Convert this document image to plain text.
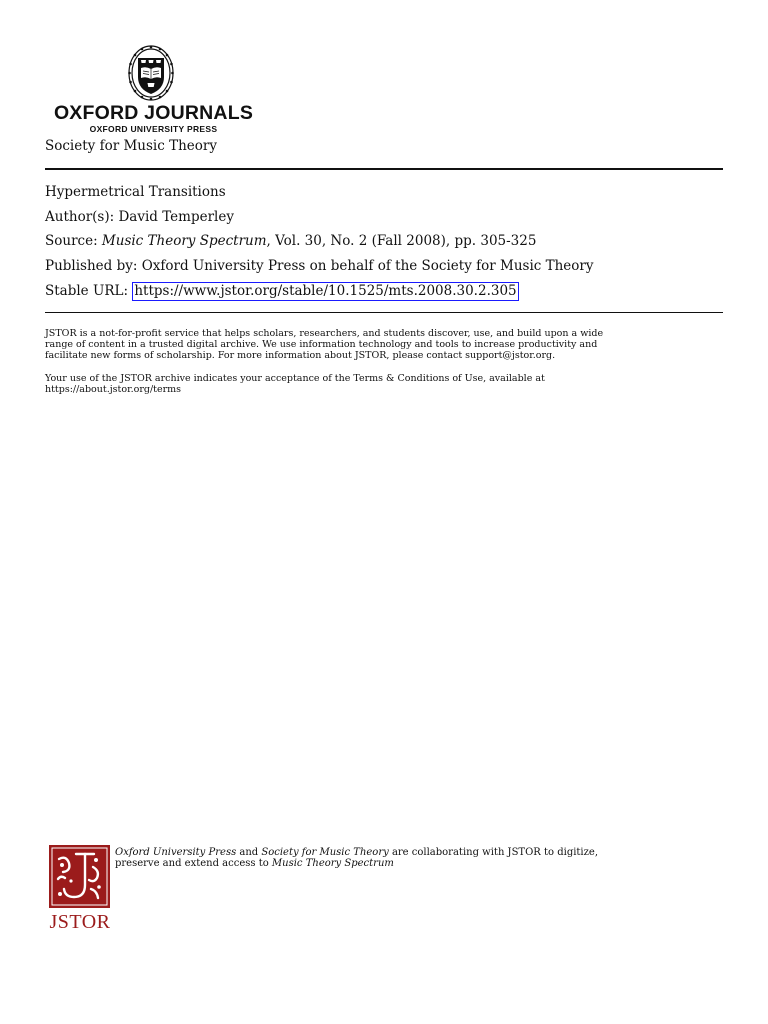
OXFORD JOURNALS
OXFORD UNIVERSITY PRESS
Society for Music Theory
Hypermetrical Transitions
Author(s): David Temperley
Source: Music Theory Spectrum, Vol. 30, No. 2 (Fall 2008), pp. 305-325
Published by: Oxford University Press on behalf of the Society for Music Theory
Stable URL: https://www.jstor.org/stable/10.1525/mts.2008.30.2.305
JSTOR is a not-for-profit service that helps scholars, researchers, and students discover, use, and build upon a wide
range of content in a trusted digital archive. We use information technology and tools to increase productivity and
facilitate new forms of scholarship. For more information about JSTOR, please contact support@jstor.org.
Your use of the JSTOR archive indicates your acceptance of the Terms & Conditions of Use, available at
https://about.jstor.org/terms
JSTOR
Oxford University Press and Society for Music Theory are collaborating with JSTOR to digitize,
preserve and extend access to Music Theory Spectrum
